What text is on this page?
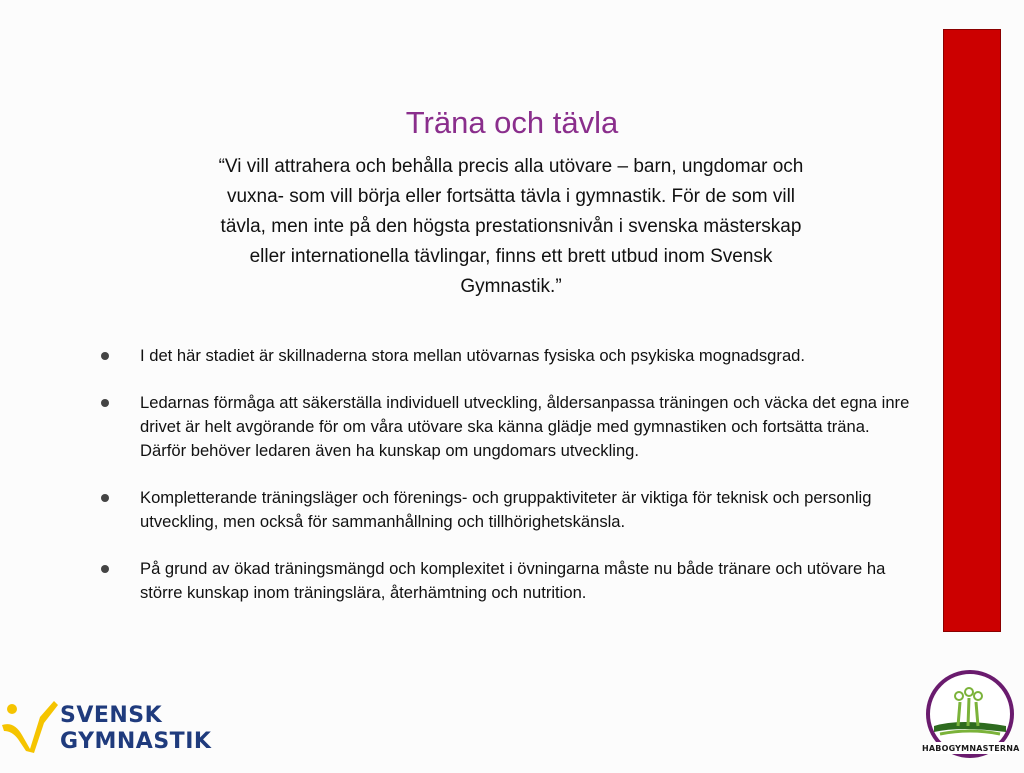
Träna och tävla
“Vi vill attrahera och behålla precis alla utövare – barn, ungdomar och
vuxna- som vill börja eller fortsätta tävla i gymnastik. För de som vill
tävla, men inte på den högsta prestationsnivån i svenska mästerskap
eller internationella tävlingar, finns ett brett utbud inom Svensk
Gymnastik.”
I det här stadiet är skillnaderna stora mellan utövarnas fysiska och psykiska mognadsgrad.
Ledarnas förmåga att säkerställa individuell utveckling, åldersanpassa träningen och väcka det egna inre drivet är helt avgörande för om våra utövare ska känna glädje med gymnastiken och fortsätta träna. Därför behöver ledaren även ha kunskap om ungdomars utveckling.
Kompletterande träningsläger och förenings- och gruppaktiviteter är viktiga för teknisk och personlig utveckling, men också för sammanhållning och tillhörighetskänsla.
På grund av ökad träningsmängd och komplexitet i övningarna måste nu både tränare och utövare ha större kunskap inom träningslära, återhämtning och nutrition.
SVENSK
GYMNASTIK	HABOGYMNASTERNA
